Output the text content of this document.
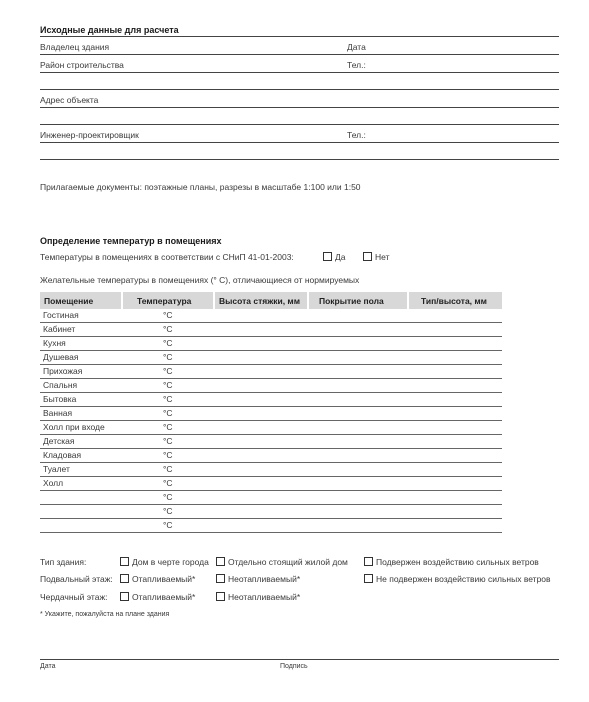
Исходные данные для расчета
Владелец здания	Дата
Район строительства	Тел.:
Адрес объекта
Инженер-проектировщик	Тел.:
Прилагаемые документы: поэтажные планы, разрезы в масштабе 1:100 или 1:50
Определение температур в помещениях
Температуры в помещениях в соответствии с СНиП 41-01-2003:	Да	Нет
Желательные температуры в помещениях (° C), отличающиеся от нормируемых
Помещение	Температура	Высота стяжки, мм	Покрытие пола	Тип/высота, мм
Гостиная	°C			
Кабинет	°C			
Кухня	°C			
Душевая	°C			
Прихожая	°C			
Спальня	°C			
Бытовка	°C			
Ванная	°C			
Холл при входе	°C			
Детская	°C			
Кладовая	°C			
Туалет	°C			
Холл	°C			
	°C			
	°C			
	°C			
Тип здания:	Дом в черте города	Отдельно стоящий жилой дом	Подвержен воздействию сильных ветров
Подвальный этаж:	Отапливаемый*	Неотапливаемый*	Не подвержен воздействию сильных ветров
Чердачный этаж:	Отапливаемый*	Неотапливаемый*
* Укажите, пожалуйста на плане здания
Дата	Подпись
